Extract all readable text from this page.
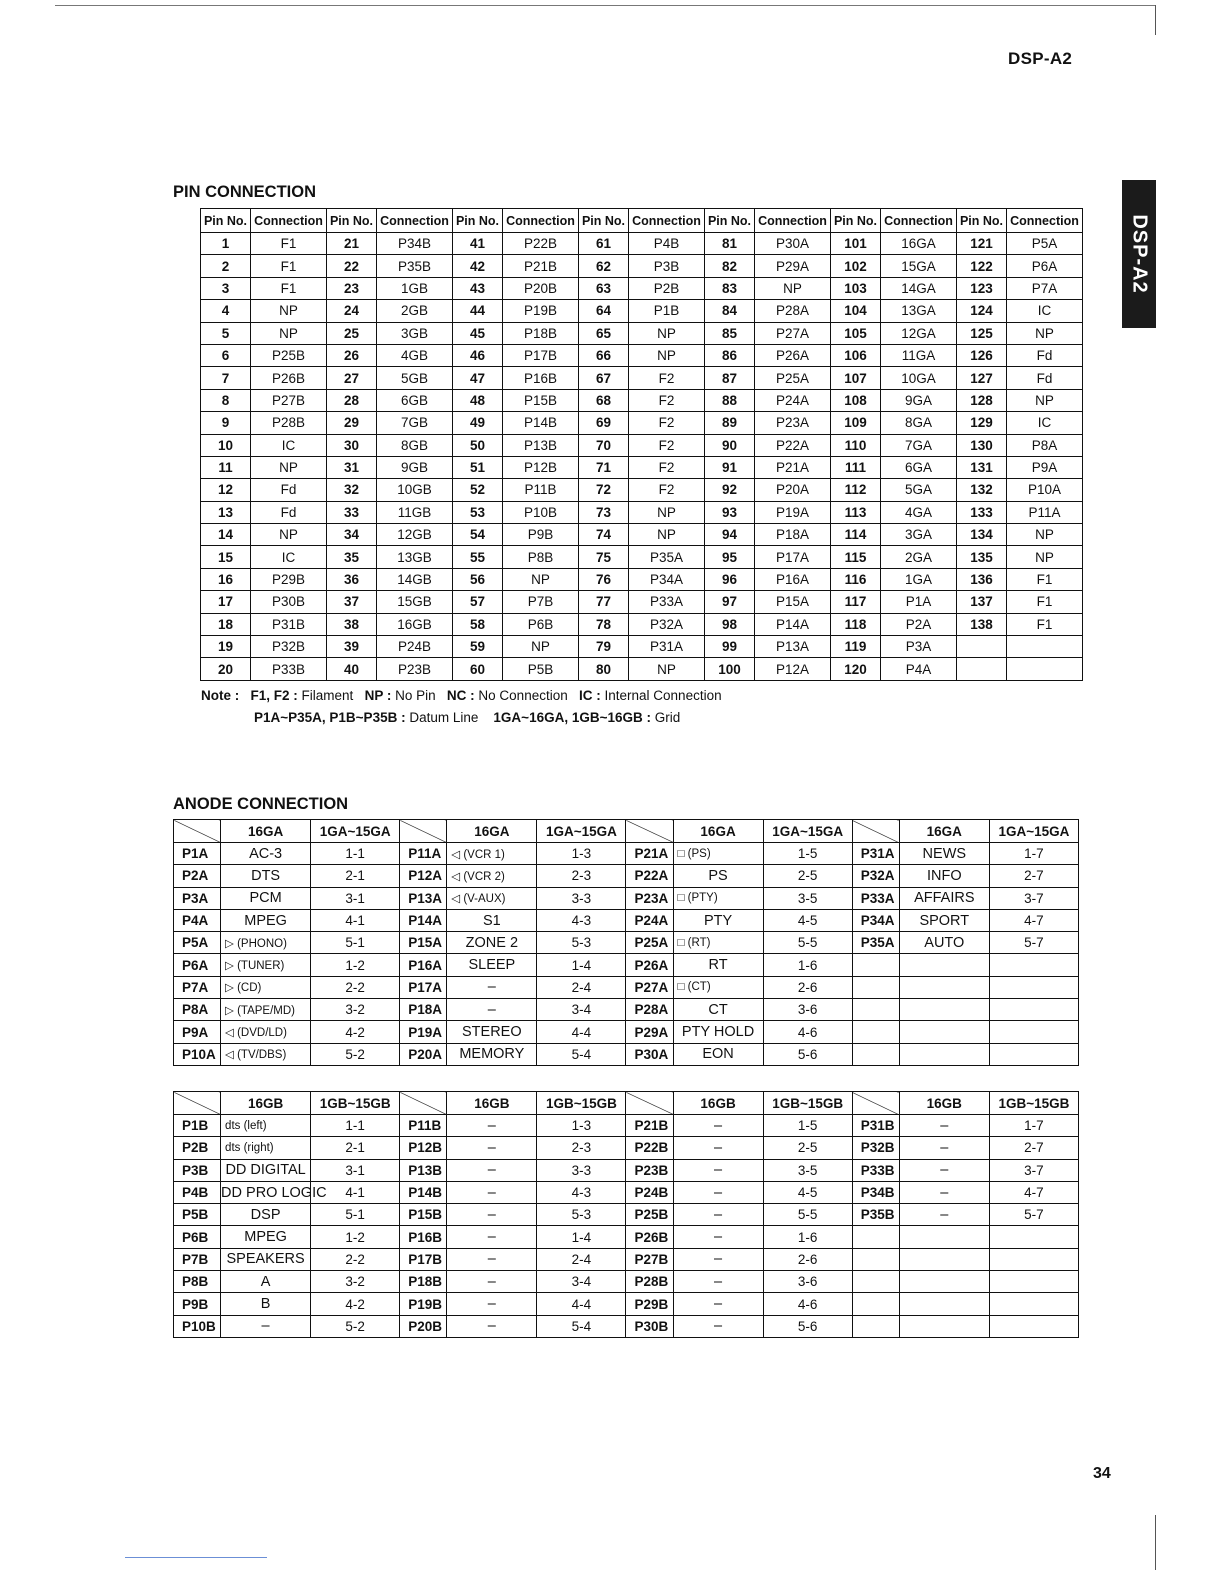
DSP-A2
DSP-A2
PIN CONNECTION
Pin No.	Connection	Pin No.	Connection	Pin No.	Connection	Pin No.	Connection	Pin No.	Connection	Pin No.	Connection	Pin No.	Connection
1	F1	21	P34B	41	P22B	61	P4B	81	P30A	101	16GA	121	P5A
2	F1	22	P35B	42	P21B	62	P3B	82	P29A	102	15GA	122	P6A
3	F1	23	1GB	43	P20B	63	P2B	83	NP	103	14GA	123	P7A
4	NP	24	2GB	44	P19B	64	P1B	84	P28A	104	13GA	124	IC
5	NP	25	3GB	45	P18B	65	NP	85	P27A	105	12GA	125	NP
6	P25B	26	4GB	46	P17B	66	NP	86	P26A	106	11GA	126	Fd
7	P26B	27	5GB	47	P16B	67	F2	87	P25A	107	10GA	127	Fd
8	P27B	28	6GB	48	P15B	68	F2	88	P24A	108	9GA	128	NP
9	P28B	29	7GB	49	P14B	69	F2	89	P23A	109	8GA	129	IC
10	IC	30	8GB	50	P13B	70	F2	90	P22A	110	7GA	130	P8A
11	NP	31	9GB	51	P12B	71	F2	91	P21A	111	6GA	131	P9A
12	Fd	32	10GB	52	P11B	72	F2	92	P20A	112	5GA	132	P10A
13	Fd	33	11GB	53	P10B	73	NP	93	P19A	113	4GA	133	P11A
14	NP	34	12GB	54	P9B	74	NP	94	P18A	114	3GA	134	NP
15	IC	35	13GB	55	P8B	75	P35A	95	P17A	115	2GA	135	NP
16	P29B	36	14GB	56	NP	76	P34A	96	P16A	116	1GA	136	F1
17	P30B	37	15GB	57	P7B	77	P33A	97	P15A	117	P1A	137	F1
18	P31B	38	16GB	58	P6B	78	P32A	98	P14A	118	P2A	138	F1
19	P32B	39	P24B	59	NP	79	P31A	99	P13A	119	P3A		
20	P33B	40	P23B	60	P5B	80	NP	100	P12A	120	P4A		
Note : F1, F2 : Filament NP : No Pin NC : No Connection IC : Internal Connection
P1A~P35A, P1B~P35B : Datum Line 1GA~16GA, 1GB~16GB : Grid
ANODE CONNECTION
	16GA	1GA~15GA		16GA	1GA~15GA		16GA	1GA~15GA		16GA	1GA~15GA
P1A	AC-3	1-1	P11A	◁ (VCR 1)	1-3	P21A	□ (PS)	1-5	P31A	NEWS	1-7
P2A	DTS	2-1	P12A	◁ (VCR 2)	2-3	P22A	PS	2-5	P32A	INFO	2-7
P3A	PCM	3-1	P13A	◁ (V-AUX)	3-3	P23A	□ (PTY)	3-5	P33A	AFFAIRS	3-7
P4A	MPEG	4-1	P14A	S1	4-3	P24A	PTY	4-5	P34A	SPORT	4-7
P5A	▷ (PHONO)	5-1	P15A	ZONE 2	5-3	P25A	□ (RT)	5-5	P35A	AUTO	5-7
P6A	▷ (TUNER)	1-2	P16A	SLEEP	1-4	P26A	RT	1-6			
P7A	▷ (CD)	2-2	P17A	–	2-4	P27A	□ (CT)	2-6			
P8A	▷ (TAPE/MD)	3-2	P18A	–	3-4	P28A	CT	3-6			
P9A	◁ (DVD/LD)	4-2	P19A	STEREO	4-4	P29A	PTY HOLD	4-6			
P10A	◁ (TV/DBS)	5-2	P20A	MEMORY	5-4	P30A	EON	5-6			
	16GB	1GB~15GB		16GB	1GB~15GB		16GB	1GB~15GB		16GB	1GB~15GB
P1B	dts (left)	1-1	P11B	–	1-3	P21B	–	1-5	P31B	–	1-7
P2B	dts (right)	2-1	P12B	–	2-3	P22B	–	2-5	P32B	–	2-7
P3B	DD DIGITAL	3-1	P13B	–	3-3	P23B	–	3-5	P33B	–	3-7
P4B	DD PRO LOGIC	4-1	P14B	–	4-3	P24B	–	4-5	P34B	–	4-7
P5B	DSP	5-1	P15B	–	5-3	P25B	–	5-5	P35B	–	5-7
P6B	MPEG	1-2	P16B	–	1-4	P26B	–	1-6			
P7B	SPEAKERS	2-2	P17B	–	2-4	P27B	–	2-6			
P8B	A	3-2	P18B	–	3-4	P28B	–	3-6			
P9B	B	4-2	P19B	–	4-4	P29B	–	4-6			
P10B	–	5-2	P20B	–	5-4	P30B	–	5-6			
34
